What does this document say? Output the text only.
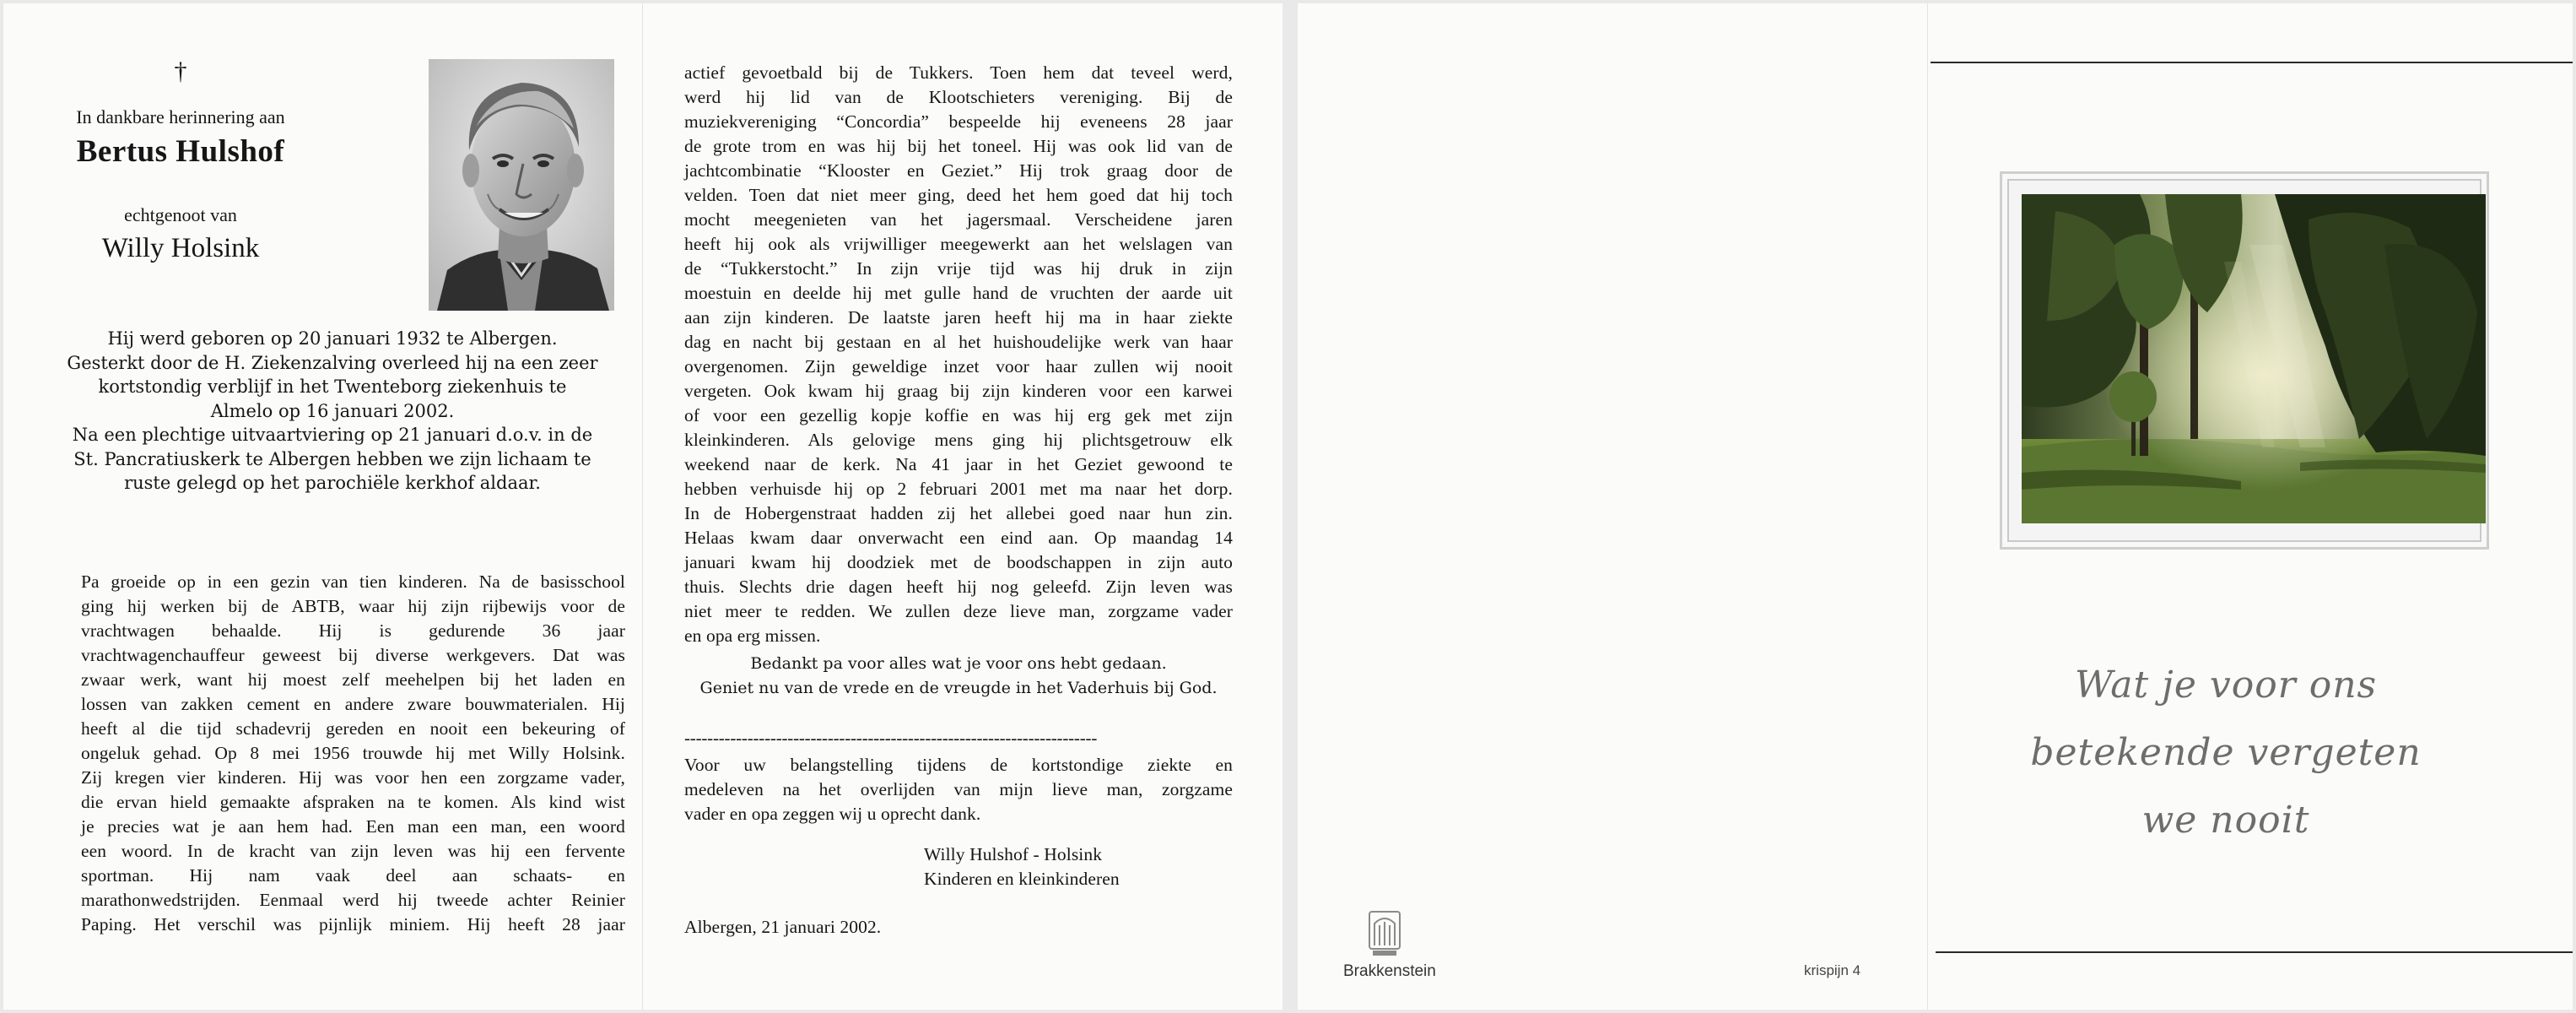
†
In dankbare herinnering aan
Bertus Hulshof
echtgenoot van
Willy Holsink
Hij werd geboren op 20 januari 1932 te Albergen.
Gesterkt door de H. Ziekenzalving overleed hij na een zeer
kortstondig verblijf in het Twenteborg ziekenhuis te
Almelo op 16 januari 2002.
Na een plechtige uitvaartviering op 21 januari d.o.v. in de
St. Pancratiuskerk te Albergen hebben we zijn lichaam te
ruste gelegd op het parochiële kerkhof aldaar.
Pa groeide op in een gezin van tien kinderen. Na de basisschool
ging hij werken bij de ABTB, waar hij zijn rijbewijs voor de
vrachtwagen behaalde. Hij is gedurende 36 jaar
vrachtwagenchauffeur geweest bij diverse werkgevers. Dat was
zwaar werk, want hij moest zelf meehelpen bij het laden en
lossen van zakken cement en andere zware bouwmaterialen. Hij
heeft al die tijd schadevrij gereden en nooit een bekeuring of
ongeluk gehad. Op 8 mei 1956 trouwde hij met Willy Holsink.
Zij kregen vier kinderen. Hij was voor hen een zorgzame vader,
die ervan hield gemaakte afspraken na te komen. Als kind wist
je precies wat je aan hem had. Een man een man, een woord
een woord. In de kracht van zijn leven was hij een fervente
sportman. Hij nam vaak deel aan schaats- en
marathonwedstrijden. Eenmaal werd hij tweede achter Reinier
Paping. Het verschil was pijnlijk miniem. Hij heeft 28 jaar
actief gevoetbald bij de Tukkers. Toen hem dat teveel werd,
werd hij lid van de Klootschieters vereniging. Bij de
muziekvereniging “Concordia” bespeelde hij eveneens 28 jaar
de grote trom en was hij bij het toneel. Hij was ook lid van de
jachtcombinatie “Klooster en Geziet.” Hij trok graag door de
velden. Toen dat niet meer ging, deed het hem goed dat hij toch
mocht meegenieten van het jagersmaal. Verscheidene jaren
heeft hij ook als vrijwilliger meegewerkt aan het welslagen van
de “Tukkerstocht.” In zijn vrije tijd was hij druk in zijn
moestuin en deelde hij met gulle hand de vruchten der aarde uit
aan zijn kinderen. De laatste jaren heeft hij ma in haar ziekte
dag en nacht bij gestaan en al het huishoudelijke werk van haar
overgenomen. Zijn geweldige inzet voor haar zullen wij nooit
vergeten. Ook kwam hij graag bij zijn kinderen voor een karwei
of voor een gezellig kopje koffie en was hij erg gek met zijn
kleinkinderen. Als gelovige mens ging hij plichtsgetrouw elk
weekend naar de kerk. Na 41 jaar in het Geziet gewoond te
hebben verhuisde hij op 2 februari 2001 met ma naar het dorp.
In de Hobergenstraat hadden zij het allebei goed naar hun zin.
Helaas kwam daar onverwacht een eind aan. Op maandag 14
januari kwam hij doodziek met de boodschappen in zijn auto
thuis. Slechts drie dagen heeft hij nog geleefd. Zijn leven was
niet meer te redden. We zullen deze lieve man, zorgzame vader
en opa erg missen.
Bedankt pa voor alles wat je voor ons hebt gedaan.
Geniet nu van de vrede en de vreugde in het Vaderhuis bij God.
------------------------------------------------------------------------
Voor uw belangstelling tijdens de kortstondige ziekte en
medeleven na het overlijden van mijn lieve man, zorgzame
vader en opa zeggen wij u oprecht dank.
Willy Hulshof - Holsink
Kinderen en kleinkinderen
Albergen, 21 januari 2002.
Brakkenstein	krispijn 4
Wat je voor ons
betekende vergeten
we nooit
